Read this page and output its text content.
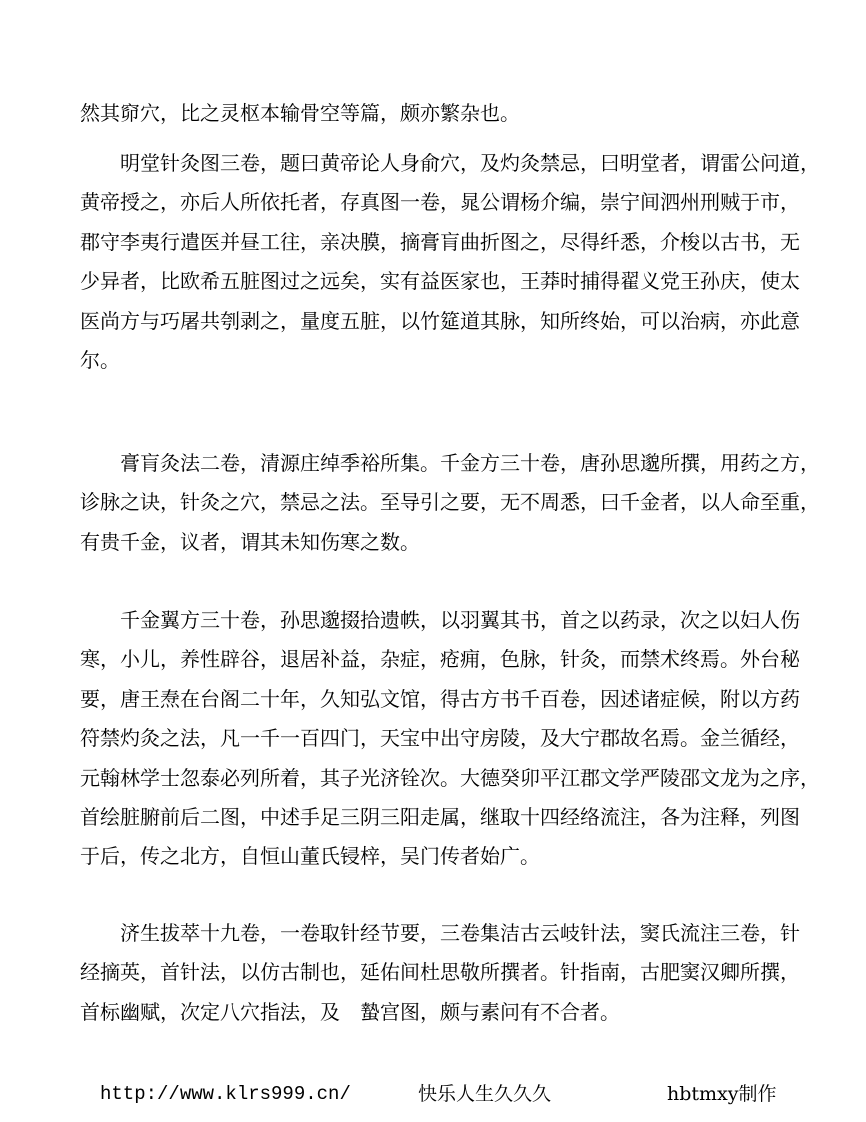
然其窌穴，比之灵枢本输骨空等篇，颇亦繁杂也。
明堂针灸图三卷，题曰黄帝论人身俞穴，及灼灸禁忌，曰明堂者，谓雷公问道，
黄帝授之，亦后人所依托者，存真图一卷，晁公谓杨介编，崇宁间泗州刑贼于市，
郡守李夷行遣医并昼工往，亲决膜，摘膏肓曲折图之，尽得纤悉，介梭以古书，无
少异者，比欧希五脏图过之远矣，实有益医家也，王莽时捕得翟义党王孙庆，使太
医尚方与巧屠共刳剥之，量度五脏，以竹筵道其脉，知所终始，可以治病，亦此意
尔。
膏肓灸法二卷，清源庄绰季裕所集。千金方三十卷，唐孙思邈所撰，用药之方，
诊脉之诀，针灸之穴，禁忌之法。至导引之要，无不周悉，曰千金者，以人命至重，
有贵千金，议者，谓其未知伤寒之数。
千金翼方三十卷，孙思邈掇拾遗帙，以羽翼其书，首之以药录，次之以妇人伤
寒，小儿，养性辟谷，退居补益，杂症，疮痈，色脉，针灸，而禁术终焉。外台秘
要，唐王焘在台阁二十年，久知弘文馆，得古方书千百卷，因述诸症候，附以方药
符禁灼灸之法，凡一千一百四门，天宝中出守房陵，及大宁郡故名焉。金兰循经，
元翰林学士忽泰必列所着，其子光济铨次。大德癸卯平江郡文学严陵邵文龙为之序，
首绘脏腑前后二图，中述手足三阴三阳走属，继取十四经络流注，各为注释，列图
于后，传之北方，自恒山董氏锓梓，吴门传者始广。
济生拔萃十九卷，一卷取针经节要，三卷集洁古云岐针法，窦氏流注三卷，针
经摘英，首针法，以仿古制也，延佑间杜思敬所撰者。针指南，古肥窦汉卿所撰，
首标幽赋，次定八穴指法，及　蟄宫图，颇与素问有不合者。
http://www.klrs999.cn/	快乐人生久久久	hbtmxy制作
